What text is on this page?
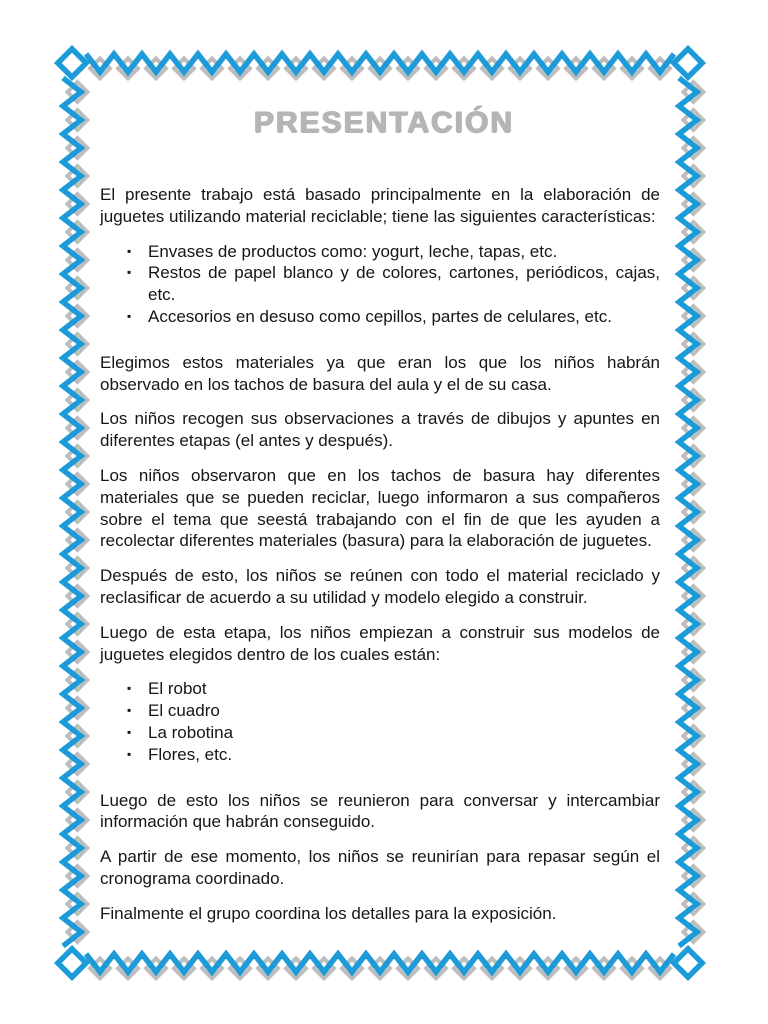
PRESENTACIÓN

El presente trabajo está basado principalmente en la elaboración de juguetes utilizando material reciclable; tiene las siguientes características:

▪ Envases de productos como: yogurt, leche, tapas, etc.
▪ Restos de papel blanco y de colores, cartones, periódicos, cajas, etc.
▪ Accesorios en desuso como cepillos, partes de celulares, etc.

Elegimos estos materiales ya que eran los que los niños habrán observado en los tachos de basura del aula y el de su casa.

Los niños recogen sus observaciones a través de dibujos y apuntes en diferentes etapas (el antes y después).

Los niños observaron que en los tachos de basura hay diferentes materiales que se pueden reciclar, luego informaron a sus compañeros sobre el tema que seestá trabajando con el fin de que les ayuden a recolectar diferentes materiales (basura) para la elaboración de juguetes.

Después de esto, los niños se reúnen con todo el material reciclado y reclasificar de acuerdo a su utilidad y modelo elegido a construir.

Luego de esta etapa, los niños empiezan a construir sus modelos de juguetes elegidos dentro de los cuales están:

▪ El robot
▪ El cuadro
▪ La robotina
▪ Flores, etc.

Luego de esto los niños se reunieron para conversar y intercambiar información que habrán conseguido.

A partir de ese momento, los niños se reunirían para repasar según el cronograma coordinado.

Finalmente el grupo coordina los detalles para la exposición.
